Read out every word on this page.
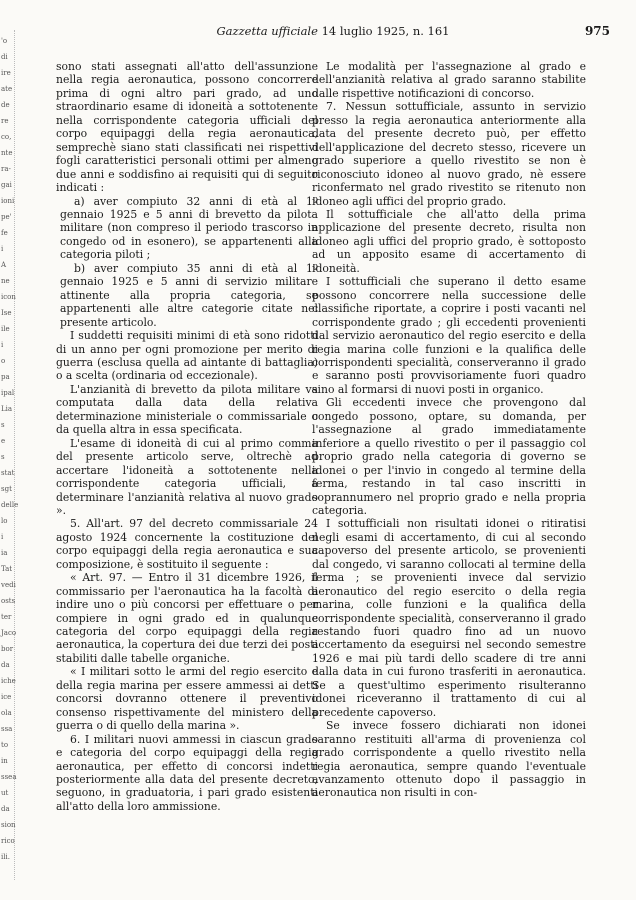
'o
di
ire
ate
de
re
co,
nte
ra-
gai
ioni
pe'
fe
i
A
ne
icon
Ise
ile
i
o
pa
ipal
Lia
s
e
s
stat
sgt
delle
lo
i
ia
Tat
vedi
osts
ter
Jaco
bor
da
iche
ice
ola
ssa
to
in
ssea
ut
da
sion
rico
ili.
Gazzetta ufficiale 14 luglio 1925, n. 161	975

sono stati assegnati all'atto dell'assunzione nella regia aeronautica, possono concorrere prima di ogni altro pari grado, ad uno straordinario esame di idoneità a sottotenente nella corrispondente categoria ufficiali del corpo equipaggi della regia aeronautica, semprechè siano stati classificati nei rispettivi fogli caratteristici personali ottimi per almeno due anni e soddisfino ai requisiti qui di seguito indicati :

a) aver compiuto 32 anni di età al 1º gennaio 1925 e 5 anni di brevetto da pilota militare (non compreso il periodo trascorso in congedo od in esonero), se appartenenti alla categoria piloti ;

b) aver compiuto 35 anni di età al 1º gennaio 1925 e 5 anni di servizio militare attinente alla propria categoria, se appartenenti alle altre categorie citate nel presente articolo.

I suddetti requisiti minimi di età sono ridotti di un anno per ogni promozione per merito di guerra (esclusa quella ad aintante di battaglia) o a scelta (ordinaria od eccezionale).

L'anzianità di brevetto da pilota militare va computata dalla data della relativa determinazione ministeriale o commissariale o da quella altra in essa specificata.

L'esame di idoneità di cui al primo comma del presente articolo serve, oltrechè ad accertare l'idoneità a sottotenente nella corrispondente categoria ufficiali, a determinare l'anzianità relativa al nuovo grado ».

5. All'art. 97 del decreto commissariale 24 agosto 1924 concernente la costituzione del corpo equipaggi della regia aeronautica e sua composizione, è sostituito il seguente :

« Art. 97. — Entro il 31 dicembre 1926, il commissario per l'aeronautica ha la facoltà di indire uno o più concorsi per effettuare o per compiere in ogni grado ed in qualunque categoria del corpo equipaggi della regia aeronautica, la copertura dei due terzi dei posti stabiliti dalle tabelle organiche.

« I militari sotto le armi del regio esercito e della regia marina per essere ammessi ai detti concorsi dovranno ottenere il preventivo consenso rispettivamente del ministero della guerra o di quello della marina ».

6. I militari nuovi ammessi in ciascun grado e categoria del corpo equipaggi della regia aeronautica, per effetto di concorsi indetti posteriormente alla data del presente decreto, seguono, in graduatoria, i pari grado esistenti all'atto della loro ammissione.

Le modalità per l'assegnazione al grado e dell'anzianità relativa al grado saranno stabilite dalle rispettive notificazioni di concorso.

7. Nessun sottufficiale, assunto in servizio presso la regia aeronautica anteriormente alla data del presente decreto può, per effetto dell'applicazione del decreto stesso, ricevere un grado superiore a quello rivestito se non è riconosciuto idoneo al nuovo grado, nè essere riconfermato nel grado rivestito se ritenuto non idoneo agli uffici del proprio grado.

Il sottufficiale che all'atto della prima applicazione del presente decreto, risulta non idoneo agli uffici del proprio grado, è sottoposto ad un apposito esame di accertamento di idoneità.

I sottufficiali che superano il detto esame possono concorrere nella successione delle classifiche riportate, a coprire i posti vacanti nel corrispondente grado ; gli eccedenti provenienti dal servizio aeronautico del regio esercito e della regia marina colle funzioni e la qualifica delle corrispondenti specialità, conserveranno il grado e saranno posti provvisoriamente fuori quadro sino al formarsi di nuovi posti in organico.

Gli eccedenti invece che provengono dal congedo possono, optare, su domanda, per l'assegnazione al grado immediatamente inferiore a quello rivestito o per il passaggio col proprio grado nella categoria di governo se idonei o per l'invio in congedo al termine della ferma, restando in tal caso inscritti in soprannumero nel proprio grado e nella propria categoria.

I sottufficiali non risultati idonei o ritiratisi negli esami di accertamento, di cui al secondo capoverso del presente articolo, se provenienti dal congedo, vi saranno collocati al termine della ferma ; se provenienti invece dal servizio aeronautico del regio esercito o della regia marina, colle funzioni e la qualifica della corrispondente specialità, conserveranno il grado restando fuori quadro fino ad un nuovo accertamento da eseguirsi nel secondo semestre 1926 e mai più tardi dello scadere di tre anni dalla data in cui furono trasferiti in aeronautica. Se a quest'ultimo esperimento risulteranno idonei riceveranno il trattamento di cui al precedente capoverso.

Se invece fossero dichiarati non idonei saranno restituiti all'arma di provenienza col grado corrispondente a quello rivestito nella regia aeronautica, sempre quando l'eventuale avanzamento ottenuto dopo il passaggio in aeronautica non risulti in con-
